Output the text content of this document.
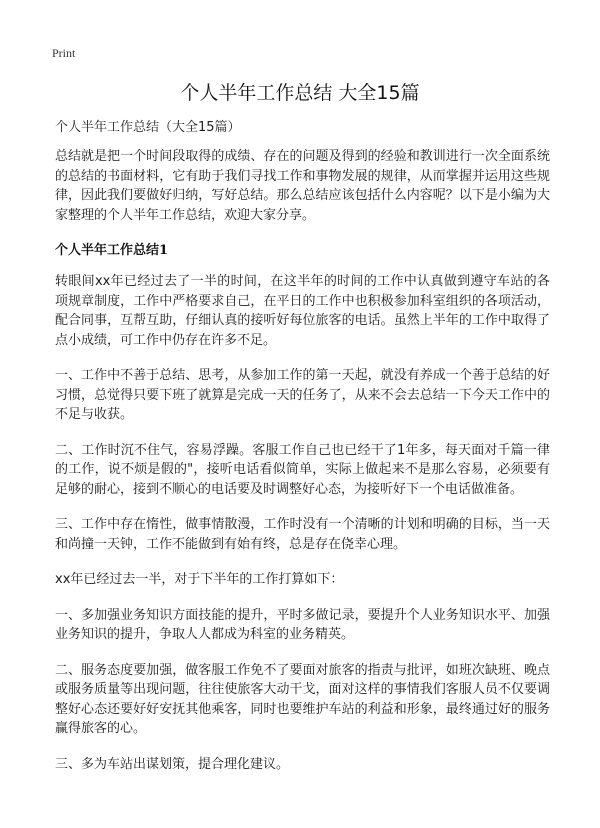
Print
个人半年工作总结 大全15篇
个人半年工作总结（大全15篇）

总结就是把一个时间段取得的成绩、存在的问题及得到的经验和教训进行一次全面系统的总结的书面材料，它有助于我们寻找工作和事物发展的规律，从而掌握并运用这些规律，因此我们要做好归纳，写好总结。那么总结应该包括什么内容呢？以下是小编为大家整理的个人半年工作总结，欢迎大家分享。

个人半年工作总结1

转眼间xx年已经过去了一半的时间，在这半年的时间的工作中认真做到遵守车站的各项规章制度，工作中严格要求自己，在平日的工作中也积极参加科室组织的各项活动，配合同事，互帮互助，仔细认真的接听好每位旅客的电话。虽然上半年的工作中取得了点小成绩，可工作中仍存在许多不足。

一、工作中不善于总结、思考，从参加工作的第一天起，就没有养成一个善于总结的好习惯，总觉得只要下班了就算是完成一天的任务了，从来不会去总结一下今天工作中的不足与收获。

二、工作时沉不住气，容易浮躁。客服工作自己也已经干了1年多，每天面对千篇一律的工作，说不烦是假的"，接听电话看似简单，实际上做起来不是那么容易，必须要有足够的耐心，接到不顺心的电话要及时调整好心态，为接听好下一个电话做准备。

三、工作中存在惰性，做事情散漫，工作时没有一个清晰的计划和明确的目标，当一天和尚撞一天钟，工作不能做到有始有终，总是存在侥幸心理。

xx年已经过去一半，对于下半年的工作打算如下：

一、多加强业务知识方面技能的提升，平时多做记录，要提升个人业务知识水平、加强业务知识的提升，争取人人都成为科室的业务精英。

二、服务态度要加强，做客服工作免不了要面对旅客的指责与批评，如班次缺班、晚点或服务质量等出现问题，往往使旅客大动干戈，面对这样的事情我们客服人员不仅要调整好心态还要好好安抚其他乘客，同时也要维护车站的利益和形象，最终通过好的服务赢得旅客的心。

三、多为车站出谋划策，提合理化建议。
